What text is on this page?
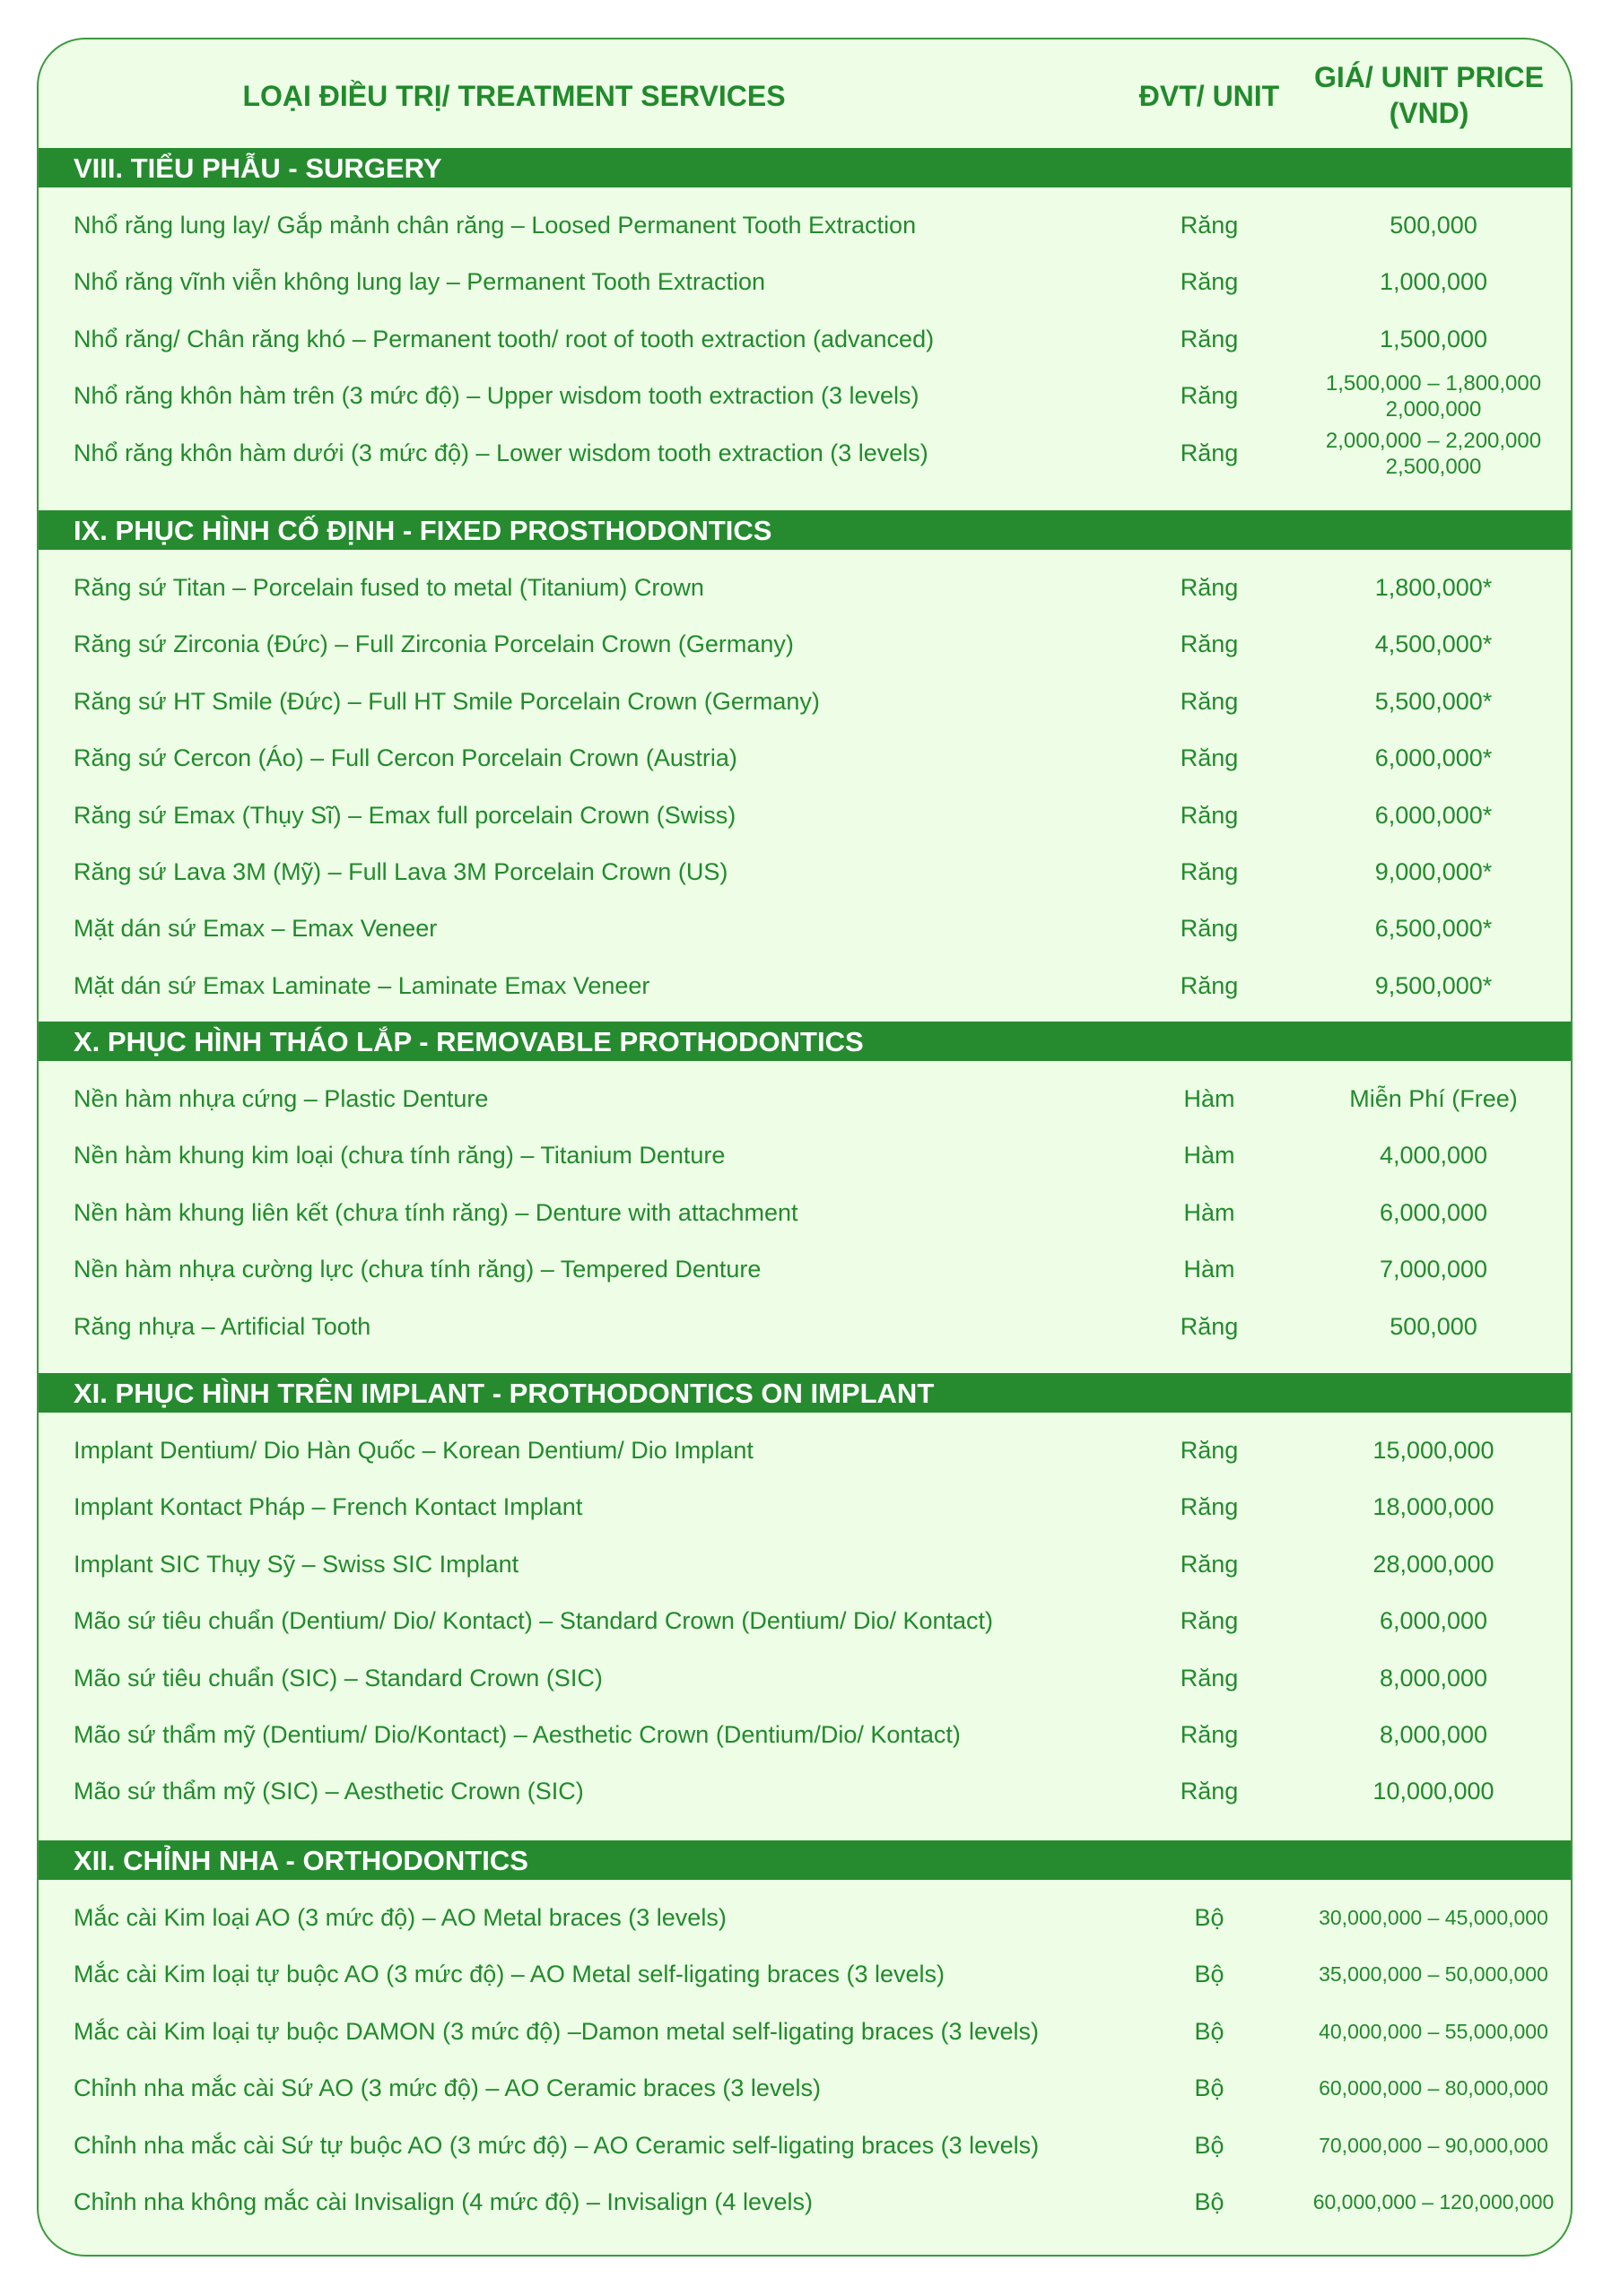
LOẠI ĐIỀU TRỊ/ TREATMENT SERVICES	ĐVT/ UNIT
GIÁ/ UNIT PRICE (VND)
VIII. TIỂU PHẪU - SURGERY
Nhổ răng lung lay/ Gắp mảnh chân răng – Loosed Permanent Tooth Extraction	Răng	500,000
Nhổ răng vĩnh viễn không lung lay – Permanent Tooth Extraction	Răng	1,000,000
Nhổ răng/ Chân răng khó – Permanent tooth/ root of tooth extraction (advanced)	Răng	1,500,000
Nhổ răng khôn hàm trên (3 mức độ) – Upper wisdom tooth extraction (3 levels)	Răng	1,500,000 – 1,800,000
2,000,000
Nhổ răng khôn hàm dưới (3 mức độ) – Lower wisdom tooth extraction (3 levels)	Răng	2,000,000 – 2,200,000
2,500,000
IX. PHỤC HÌNH CỐ ĐỊNH - FIXED PROSTHODONTICS
Răng sứ Titan – Porcelain fused to metal (Titanium) Crown	Răng	1,800,000*
Răng sứ Zirconia (Đức) – Full Zirconia Porcelain Crown (Germany)	Răng	4,500,000*
Răng sứ HT Smile (Đức) – Full HT Smile Porcelain Crown (Germany)	Răng	5,500,000*
Răng sứ Cercon (Áo) – Full Cercon Porcelain Crown (Austria)	Răng	6,000,000*
Răng sứ Emax (Thụy Sĩ) – Emax full porcelain Crown (Swiss)	Răng	6,000,000*
Răng sứ Lava 3M (Mỹ) – Full Lava 3M Porcelain Crown (US)	Răng	9,000,000*
Mặt dán sứ Emax – Emax Veneer	Răng	6,500,000*
Mặt dán sứ Emax Laminate – Laminate Emax Veneer	Răng	9,500,000*
X. PHỤC HÌNH THÁO LẮP - REMOVABLE PROTHODONTICS
Nền hàm nhựa cứng – Plastic Denture	Hàm	Miễn Phí (Free)
Nền hàm khung kim loại (chưa tính răng) – Titanium Denture	Hàm	4,000,000
Nền hàm khung liên kết (chưa tính răng) – Denture with attachment	Hàm	6,000,000
Nền hàm nhựa cường lực (chưa tính răng) – Tempered Denture	Hàm	7,000,000
Răng nhựa – Artificial Tooth	Răng	500,000
XI. PHỤC HÌNH TRÊN IMPLANT - PROTHODONTICS ON IMPLANT
Implant Dentium/ Dio Hàn Quốc – Korean Dentium/ Dio Implant	Răng	15,000,000
Implant Kontact Pháp – French Kontact Implant	Răng	18,000,000
Implant SIC Thụy Sỹ – Swiss SIC Implant	Răng	28,000,000
Mão sứ tiêu chuẩn (Dentium/ Dio/ Kontact) – Standard Crown (Dentium/ Dio/ Kontact)	Răng	6,000,000
Mão sứ tiêu chuẩn (SIC) – Standard Crown (SIC)	Răng	8,000,000
Mão sứ thẩm mỹ (Dentium/ Dio/Kontact) – Aesthetic Crown (Dentium/Dio/ Kontact)	Răng	8,000,000
Mão sứ thẩm mỹ (SIC) – Aesthetic Crown (SIC)	Răng	10,000,000
XII. CHỈNH NHA - ORTHODONTICS
Mắc cài Kim loại AO (3 mức độ) – AO Metal braces (3 levels)	Bộ	30,000,000 – 45,000,000
Mắc cài Kim loại tự buộc AO (3 mức độ) – AO Metal self-ligating braces (3 levels)	Bộ	35,000,000 – 50,000,000
Mắc cài Kim loại tự buộc DAMON (3 mức độ) –Damon metal self-ligating braces (3 levels)	Bộ	40,000,000 – 55,000,000
Chỉnh nha mắc cài Sứ AO (3 mức độ) – AO Ceramic braces (3 levels)	Bộ	60,000,000 – 80,000,000
Chỉnh nha mắc cài Sứ tự buộc AO (3 mức độ) – AO Ceramic self-ligating braces (3 levels)	Bộ	70,000,000 – 90,000,000
Chỉnh nha không mắc cài Invisalign (4 mức độ) – Invisalign (4 levels)	Bộ	60,000,000 – 120,000,000
